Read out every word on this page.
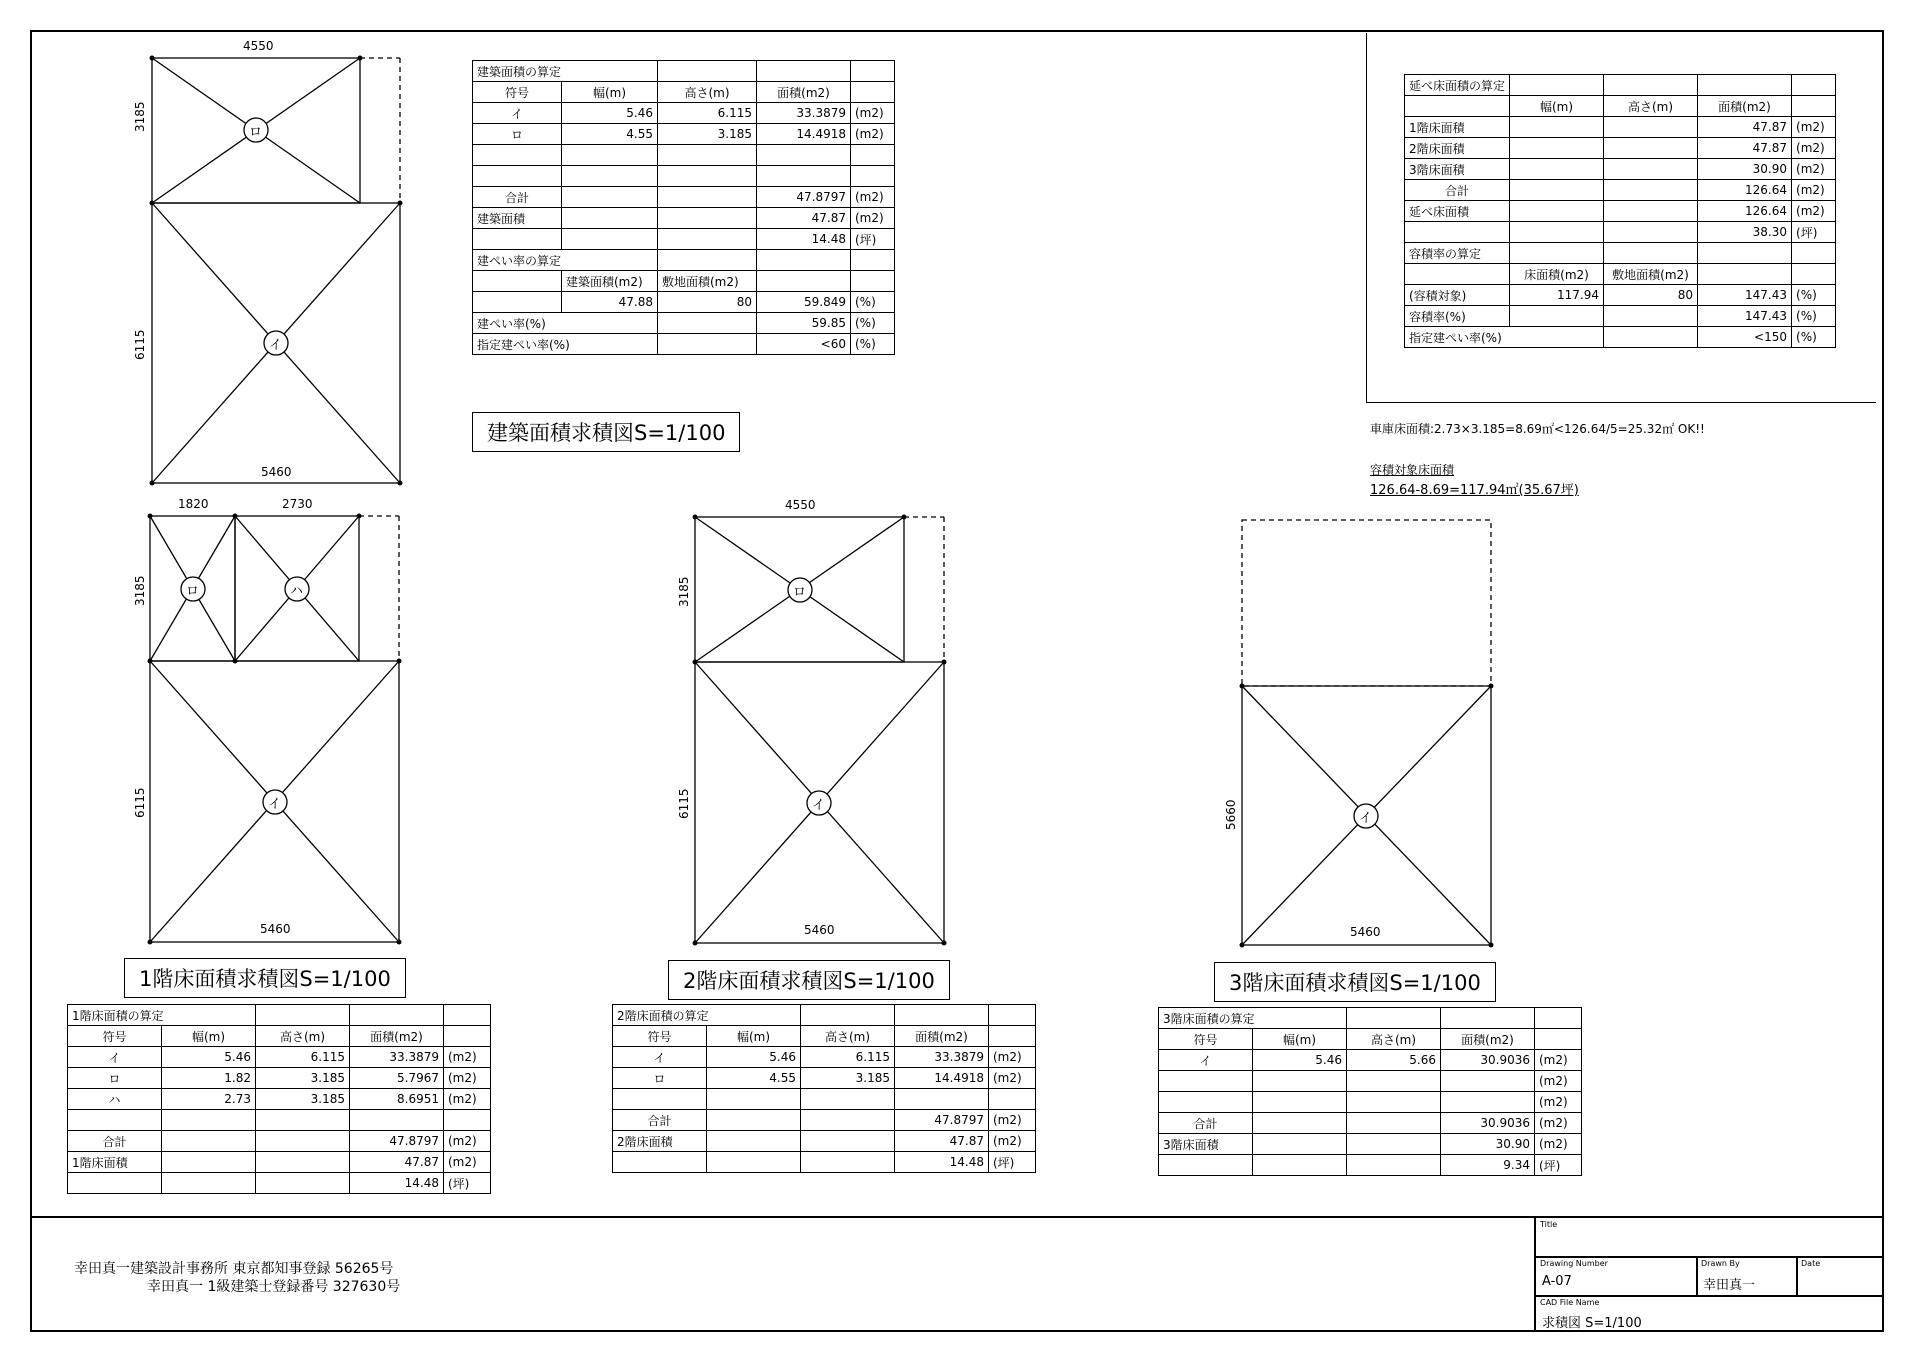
4550
3185
6115
5460
ロ
イ
建築面積の算定				
符号	幅(m)	高さ(m)	面積(m2)	
イ	5.46	6.115	33.3879	(m2)
ロ	4.55	3.185	14.4918	(m2)

合計			47.8797	(m2)
建築面積			47.87	(m2)
			14.48	(坪)
建ぺい率の算定				
	建築面積(m2)	敷地面積(m2)		
	47.88	80	59.849	(%)
建ぺい率(%)			59.85	(%)
指定建ぺい率(%)			<60	(%)
建築面積求積図S=1/100
延べ床面積の算定				
	幅(m)	高さ(m)	面積(m2)	
1階床面積			47.87	(m2)
2階床面積			47.87	(m2)
3階床面積			30.90	(m2)
合計			126.64	(m2)
延べ床面積			126.64	(m2)
			38.30	(坪)
容積率の算定				
	床面積(m2)	敷地面積(m2)		
(容積対象)	117.94	80	147.43	(%)
容積率(%)			147.43	(%)
指定建ぺい率(%)			<150	(%)
車庫床面積:2.73×3.185=8.69㎡<126.64/5=25.32㎡ OK!!
容積対象床面積
126.64-8.69=117.94㎡(35.67坪)
1820	2730
3185
6115
5460
ロ	ハ
イ
1階床面積求積図S=1/100
4550
3185
6115
5460
ロ
イ
2階床面積求積図S=1/100
5660
5460
イ
3階床面積求積図S=1/100
1階床面積の算定				
符号	幅(m)	高さ(m)	面積(m2)	
イ	5.46	6.115	33.3879	(m2)
ロ	1.82	3.185	5.7967	(m2)
ハ	2.73	3.185	8.6951	(m2)

合計			47.8797	(m2)
1階床面積			47.87	(m2)
			14.48	(坪)
2階床面積の算定				
符号	幅(m)	高さ(m)	面積(m2)	
イ	5.46	6.115	33.3879	(m2)
ロ	4.55	3.185	14.4918	(m2)

合計			47.8797	(m2)
2階床面積			47.87	(m2)
			14.48	(坪)
3階床面積の算定				
符号	幅(m)	高さ(m)	面積(m2)	
イ	5.46	5.66	30.9036	(m2)
				(m2)
				(m2)
合計			30.9036	(m2)
3階床面積			30.90	(m2)
			9.34	(坪)
幸田真一建築設計事務所 東京都知事登録 56265号
幸田真一 1級建築士登録番号 327630号
Title
Drawing Number
A-07
Drawn By
幸田真一
Date
CAD File Name
求積図 S=1/100
